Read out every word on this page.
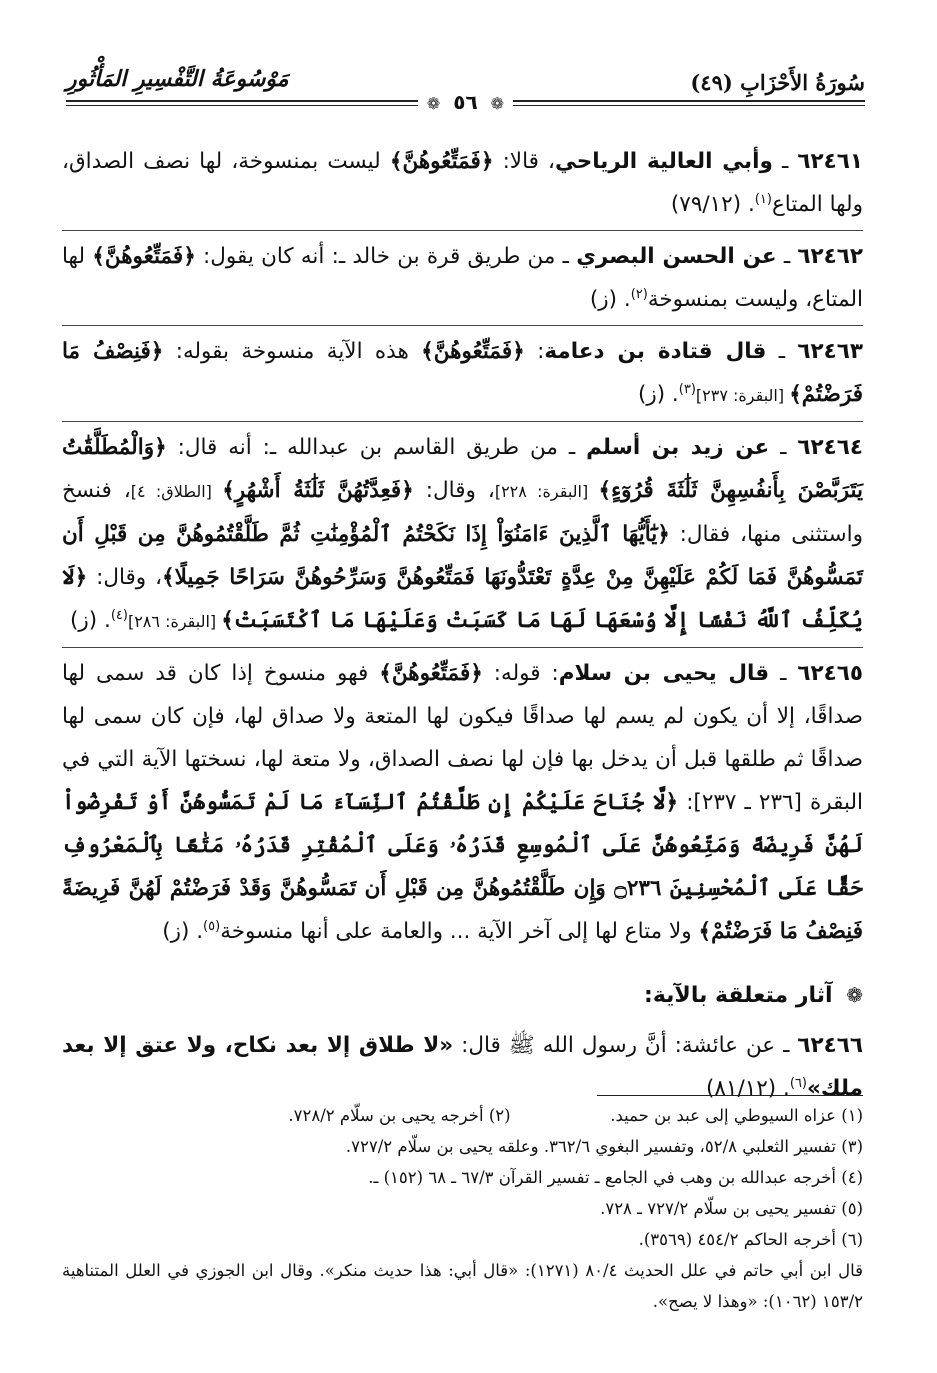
سُورَةُ الأَحْزَابِ (٤٩)
❁ ٥٦ ❁
مَوْسُوعَةُ التَّفْسِيرِ المَأْثُورِ
٦٢٤٦١ ـ وأبي العالية الرياحي، قالا: ﴿فَمَتِّعُوهُنَّ﴾ ليست بمنسوخة، لها نصف الصداق، ولها المتاع$^{(١)}$. (٧٩/١٢)
٦٢٤٦٢ ـ عن الحسن البصري ـ من طريق قرة بن خالد ـ: أنه كان يقول: ﴿فَمَتِّعُوهُنَّ﴾ لها المتاع، وليست بمنسوخة$^{(٢)}$. (ز)
٦٢٤٦٣ ـ قال قتادة بن دعامة: ﴿فَمَتِّعُوهُنَّ﴾ هذه الآية منسوخة بقوله: ﴿فَنِصْفُ مَا فَرَضْتُمْ﴾ [البقرة: ٢٣٧]$^{(٣)}$. (ز)
٦٢٤٦٤ ـ عن زيد بن أسلم ـ من طريق القاسم بن عبدالله ـ: أنه قال: ﴿وَالْمُطَلَّقَٰتُ يَتَرَبَّصْنَ بِأَنفُسِهِنَّ ثَلَٰثَةَ قُرُوٓءٍ﴾ [البقرة: ٢٢٨]، وقال: ﴿فَعِدَّتُهُنَّ ثَلَٰثَةُ أَشْهُرٍ﴾ [الطلاق: ٤]، فنسخ واستثنى منها، فقال: ﴿يَٰٓأَيُّهَا ٱلَّذِينَ ءَامَنُوٓاْ إِذَا نَكَحْتُمُ ٱلْمُؤْمِنَٰتِ ثُمَّ طَلَّقْتُمُوهُنَّ مِن قَبْلِ أَن تَمَسُّوهُنَّ فَمَا لَكُمْ عَلَيْهِنَّ مِنْ عِدَّةٍ تَعْتَدُّونَهَا فَمَتِّعُوهُنَّ وَسَرِّحُوهُنَّ سَرَاحًا جَمِيلًا﴾، وقال: ﴿لَا يُكَلِّفُ ٱللَّهُ نَفْسًا إِلَّا وُسْعَهَا لَهَا مَا كَسَبَتْ وَعَلَيْهَا مَا ٱكْتَسَبَتْ﴾ [البقرة: ٢٨٦]$^{(٤)}$. (ز)
٦٢٤٦٥ ـ قال يحيى بن سلام: قوله: ﴿فَمَتِّعُوهُنَّ﴾ فهو منسوخ إذا كان قد سمى لها صداقًا، إلا أن يكون لم يسم لها صداقًا فيكون لها المتعة ولا صداق لها، فإن كان سمى لها صداقًا ثم طلقها قبل أن يدخل بها فإن لها نصف الصداق، ولا متعة لها، نسختها الآية التي في البقرة [٢٣٦ ـ ٢٣٧]: ﴿لَّا جُنَاحَ عَلَيْكُمْ إِن طَلَّقْتُمُ ٱلنِّسَآءَ مَا لَمْ تَمَسُّوهُنَّ أَوْ تَفْرِضُواْ لَهُنَّ فَرِيضَةً وَمَتِّعُوهُنَّ عَلَى ٱلْمُوسِعِ قَدَرُهُۥ وَعَلَى ٱلْمُقْتِرِ قَدَرُهُۥ مَتَٰعًا بِٱلْمَعْرُوفِ حَقًّا عَلَى ٱلْمُحْسِنِينَ ۝٢٣٦ وَإِن طَلَّقْتُمُوهُنَّ مِن قَبْلِ أَن تَمَسُّوهُنَّ وَقَدْ فَرَضْتُمْ لَهُنَّ فَرِيضَةً فَنِصْفُ مَا فَرَضْتُمْ﴾ ولا متاع لها إلى آخر الآية ... والعامة على أنها منسوخة$^{(٥)}$. (ز)
❁ آثار متعلقة بالآية:
٦٢٤٦٦ ـ عن عائشة: أنَّ رسول الله ﷺ قال: «لا طلاق إلا بعد نكاح، ولا عتق إلا بعد ملك»$^{(٦)}$. (٨١/١٢)
(١) عزاه السيوطي إلى عبد بن حميد.
(٢) أخرجه يحيى بن سلّام ٧٢٨/٢.
(٣) تفسير الثعلبي ٥٢/٨، وتفسير البغوي ٣٦٢/٦. وعلقه يحيى بن سلّام ٧٢٧/٢.
(٤) أخرجه عبدالله بن وهب في الجامع ـ تفسير القرآن ٦٧/٣ ـ ٦٨ (١٥٢) ـ.
(٥) تفسير يحيى بن سلّام ٧٢٧/٢ ـ ٧٢٨.
(٦) أخرجه الحاكم ٤٥٤/٢ (٣٥٦٩).
قال ابن أبي حاتم في علل الحديث ٨٠/٤ (١٢٧١): «قال أبي: هذا حديث منكر». وقال ابن الجوزي في العلل المتناهية ١٥٣/٢ (١٠٦٢): «وهذا لا يصح».
